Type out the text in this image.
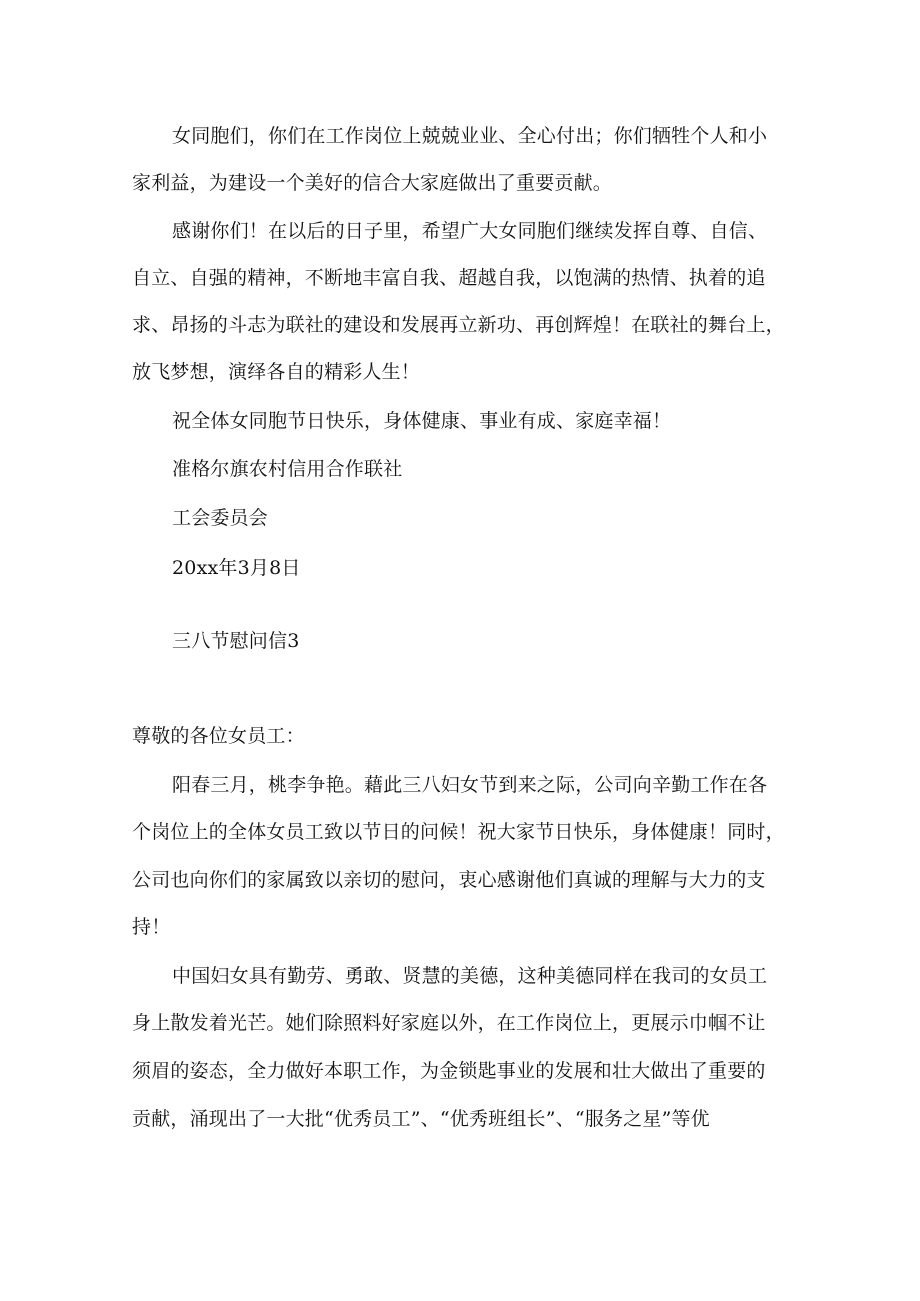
女同胞们，你们在工作岗位上兢兢业业、全心付出；你们牺牲个人和小
家利益，为建设一个美好的信合大家庭做出了重要贡献。
感谢你们！在以后的日子里，希望广大女同胞们继续发挥自尊、自信、
自立、自强的精神，不断地丰富自我、超越自我，以饱满的热情、执着的追
求、昂扬的斗志为联社的建设和发展再立新功、再创辉煌！在联社的舞台上，
放飞梦想，演绎各自的精彩人生！
祝全体女同胞节日快乐，身体健康、事业有成、家庭幸福！
准格尔旗农村信用合作联社
工会委员会
20xx年3月8日
三八节慰问信3
尊敬的各位女员工：
阳春三月，桃李争艳。藉此三八妇女节到来之际，公司向辛勤工作在各
个岗位上的全体女员工致以节日的问候！祝大家节日快乐，身体健康！同时，
公司也向你们的家属致以亲切的慰问，衷心感谢他们真诚的理解与大力的支
持！
中国妇女具有勤劳、勇敢、贤慧的美德，这种美德同样在我司的女员工
身上散发着光芒。她们除照料好家庭以外，在工作岗位上，更展示巾帼不让
须眉的姿态，全力做好本职工作，为金锁匙事业的发展和壮大做出了重要的
贡献，涌现出了一大批“优秀员工”、“优秀班组长”、“服务之星”等优
